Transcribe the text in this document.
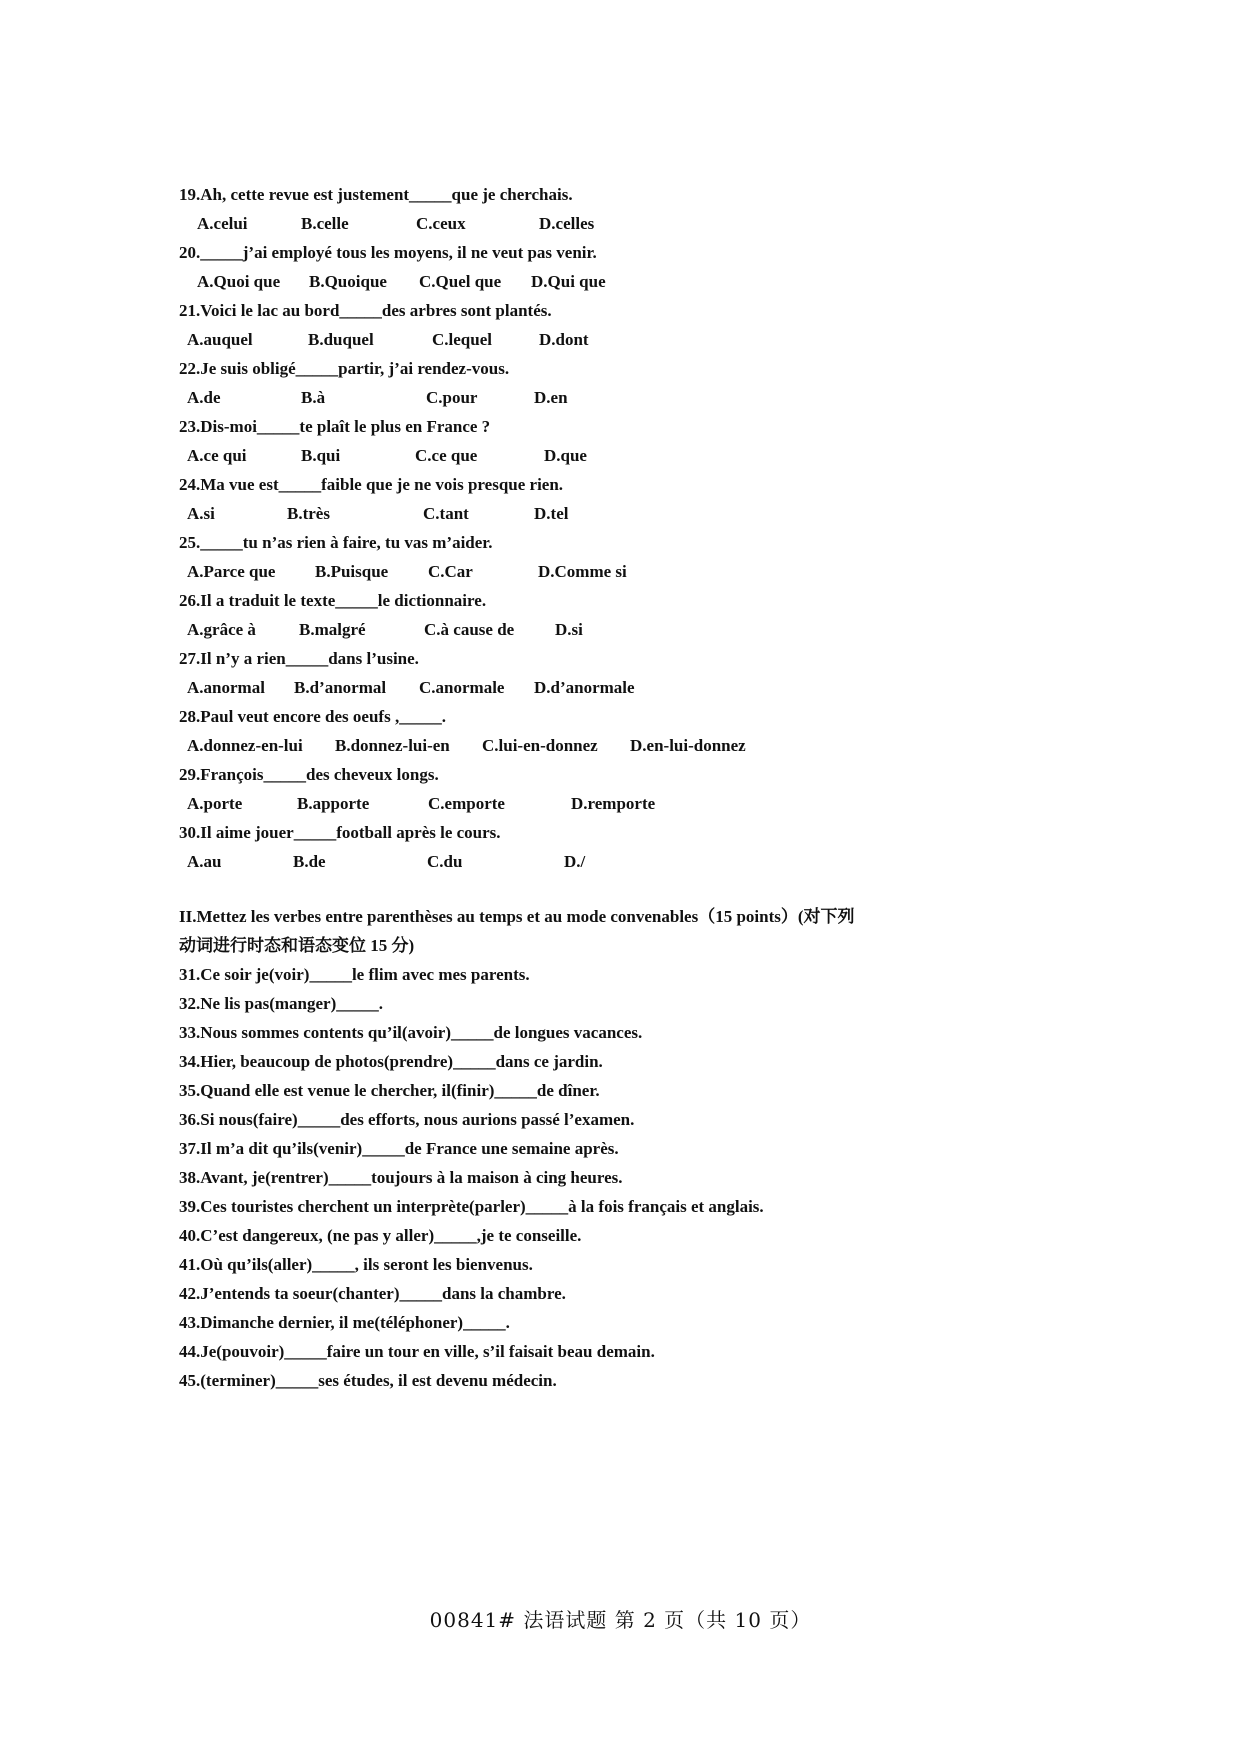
19.Ah, cette revue est justement_____que je cherchais.
A.celui	B.celle	C.ceux	D.celles
20._____j’ai employé tous les moyens, il ne veut pas venir.
A.Quoi que B.Quoique C.Quel que D.Qui que
21.Voici le lac au bord_____des arbres sont plantés.
A.auquel	B.duquel	C.lequel	D.dont
22.Je suis obligé_____partir, j’ai rendez-vous.
A.de	B.à	C.pour	D.en
23.Dis-moi_____te plaît le plus en France ?
A.ce qui	B.qui	C.ce que	D.que
24.Ma vue est_____faible que je ne vois presque rien.
A.si	B.très	C.tant	D.tel
25._____tu n’as rien à faire, tu vas m’aider.
A.Parce que B.Puisque C.Car	D.Comme si
26.Il a traduit le texte_____le dictionnaire.
A.grâce à	B.malgré	C.à cause de D.si
27.Il n’y a rien_____dans l’usine.
A.anormal B.d’anormal C.anormale D.d’anormale
28.Paul veut encore des oeufs ,_____.
A.donnez-en-lui B.donnez-lui-en C.lui-en-donnez D.en-lui-donnez
29.François_____des cheveux longs.
A.porte	B.apporte	C.emporte	D.remporte
30.Il aime jouer_____football après le cours.
A.au	B.de	C.du	D./
II.Mettez les verbes entre parenthèses au temps et au mode convenables（15 points）(对下列
动词进行时态和语态变位 15 分)
31.Ce soir je(voir)_____le flim avec mes parents.
32.Ne lis pas(manger)_____.
33.Nous sommes contents qu’il(avoir)_____de longues vacances.
34.Hier, beaucoup de photos(prendre)_____dans ce jardin.
35.Quand elle est venue le chercher, il(finir)_____de dîner.
36.Si nous(faire)_____des efforts, nous aurions passé l’examen.
37.Il m’a dit qu’ils(venir)_____de France une semaine après.
38.Avant, je(rentrer)_____toujours à la maison à cing heures.
39.Ces touristes cherchent un interprète(parler)_____à la fois français et anglais.
40.C’est dangereux, (ne pas y aller)_____,je te conseille.
41.Où qu’ils(aller)_____, ils seront les bienvenus.
42.J’entends ta soeur(chanter)_____dans la chambre.
43.Dimanche dernier, il me(téléphoner)_____.
44.Je(pouvoir)_____faire un tour en ville, s’il faisait beau demain.
45.(terminer)_____ses études, il est devenu médecin.
00841# 法语试题 第 2 页（共 10 页）
